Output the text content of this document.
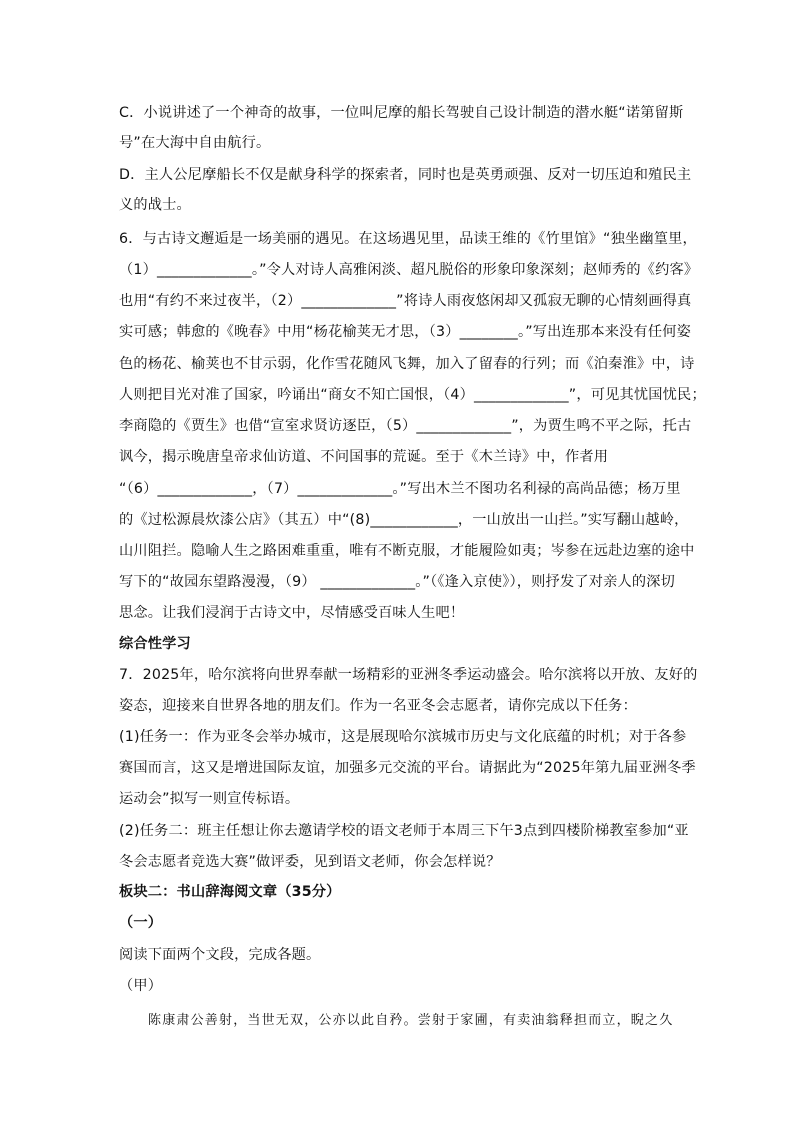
C．小说讲述了一个神奇的故事，一位叫尼摩的船长驾驶自己设计制造的潜水艇“诺第留斯
号”在大海中自由航行。
D．主人公尼摩船长不仅是献身科学的探索者，同时也是英勇顽强、反对一切压迫和殖民主
义的战士。
6．与古诗文邂逅是一场美丽的遇见。在这场遇见里，品读王维的《竹里馆》“独坐幽篁里，
（1）_____________。”令人对诗人高雅闲淡、超凡脱俗的形象印象深刻；赵师秀的《约客》
也用“有约不来过夜半，（2）_____________”将诗人雨夜悠闲却又孤寂无聊的心情刻画得真
实可感；韩愈的《晚春》中用“杨花榆荚无才思，（3）________。”写出连那本来没有任何姿
色的杨花、榆荚也不甘示弱，化作雪花随风飞舞，加入了留春的行列；而《泊秦淮》中，诗
人则把目光对准了国家，吟诵出“商女不知亡国恨，（4）_____________”，可见其忧国忧民；
李商隐的《贾生》也借“宣室求贤访逐臣，（5）_____________”，为贾生鸣不平之际，托古
讽今，揭示晚唐皇帝求仙访道、不问国事的荒诞。至于《木兰诗》中，作者用
“（6）_____________，（7）_____________。”写出木兰不图功名利禄的高尚品德；杨万里
的《过松源晨炊漆公店》（其五）中“(8)____________，一山放出一山拦。”实写翻山越岭，
山川阻拦。隐喻人生之路困难重重，唯有不断克服，才能履险如夷；岑参在远赴边塞的途中
写下的“故园东望路漫漫，（9） _____________。”（《逢入京使》），则抒发了对亲人的深切
思念。让我们浸润于古诗文中，尽情感受百味人生吧！
综合性学习
7．2025年，哈尔滨将向世界奉献一场精彩的亚洲冬季运动盛会。哈尔滨将以开放、友好的
姿态，迎接来自世界各地的朋友们。作为一名亚冬会志愿者，请你完成以下任务：
(1)任务一：作为亚冬会举办城市，这是展现哈尔滨城市历史与文化底蕴的时机；对于各参
赛国而言，这又是增进国际友谊，加强多元交流的平台。请据此为“2025年第九届亚洲冬季
运动会”拟写一则宣传标语。
(2)任务二：班主任想让你去邀请学校的语文老师于本周三下午3点到四楼阶梯教室参加“亚
冬会志愿者竞选大赛”做评委，见到语文老师，你会怎样说？
板块二：书山辞海阅文章（35分）
（一）
阅读下面两个文段，完成各题。
（甲）
陈康肃公善射，当世无双，公亦以此自矜。尝射于家圃，有卖油翁释担而立，睨之久
